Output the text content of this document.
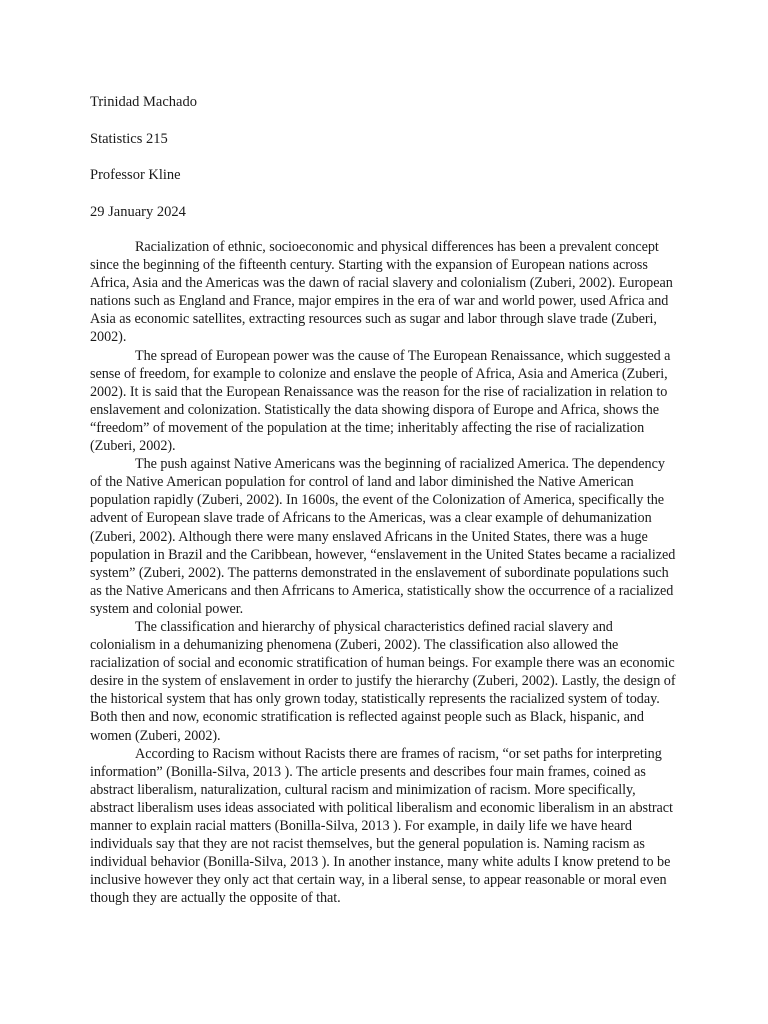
Trinidad Machado
Statistics 215
Professor Kline
29 January 2024

Racialization of ethnic, socioeconomic and physical differences has been a prevalent concept since the beginning of the fifteenth century. Starting with the expansion of European nations across Africa, Asia and the Americas was the dawn of racial slavery and colonialism (Zuberi, 2002). European nations such as England and France, major empires in the era of war and world power, used Africa and Asia as economic satellites, extracting resources such as sugar and labor through slave trade (Zuberi, 2002).

The spread of European power was the cause of The European Renaissance, which suggested a sense of freedom, for example to colonize and enslave the people of Africa, Asia and America (Zuberi, 2002). It is said that the European Renaissance was the reason for the rise of racialization in relation to enslavement and colonization. Statistically the data showing dispora of Europe and Africa, shows the “freedom” of movement of the population at the time; inheritably affecting the rise of racialization (Zuberi, 2002).

The push against Native Americans was the beginning of racialized America. The dependency of the Native American population for control of land and labor diminished the Native American population rapidly (Zuberi, 2002). In 1600s, the event of the Colonization of America, specifically the advent of European slave trade of Africans to the Americas, was a clear example of dehumanization (Zuberi, 2002). Although there were many enslaved Africans in the United States, there was a huge population in Brazil and the Caribbean, however, “enslavement in the United States became a racialized system” (Zuberi, 2002). The patterns demonstrated in the enslavement of subordinate populations such as the Native Americans and then Afrricans to America, statistically show the occurrence of a racialized system and colonial power.

The classification and hierarchy of physical characteristics defined racial slavery and colonialism in a dehumanizing phenomena (Zuberi, 2002). The classification also allowed the racialization of social and economic stratification of human beings. For example there was an economic desire in the system of enslavement in order to justify the hierarchy (Zuberi, 2002). Lastly, the design of the historical system that has only grown today, statistically represents the racialized system of today. Both then and now, economic stratification is reflected against people such as Black, hispanic, and women (Zuberi, 2002).

According to Racism without Racists there are frames of racism, “or set paths for interpreting information” (Bonilla-Silva, 2013 ). The article presents and describes four main frames, coined as abstract liberalism, naturalization, cultural racism and minimization of racism. More specifically, abstract liberalism uses ideas associated with political liberalism and economic liberalism in an abstract manner to explain racial matters (Bonilla-Silva, 2013 ). For example, in daily life we have heard individuals say that they are not racist themselves, but the general population is. Naming racism as individual behavior (Bonilla-Silva, 2013 ). In another instance, many white adults I know pretend to be inclusive however they only act that certain way, in a liberal sense, to appear reasonable or moral even though they are actually the opposite of that.
